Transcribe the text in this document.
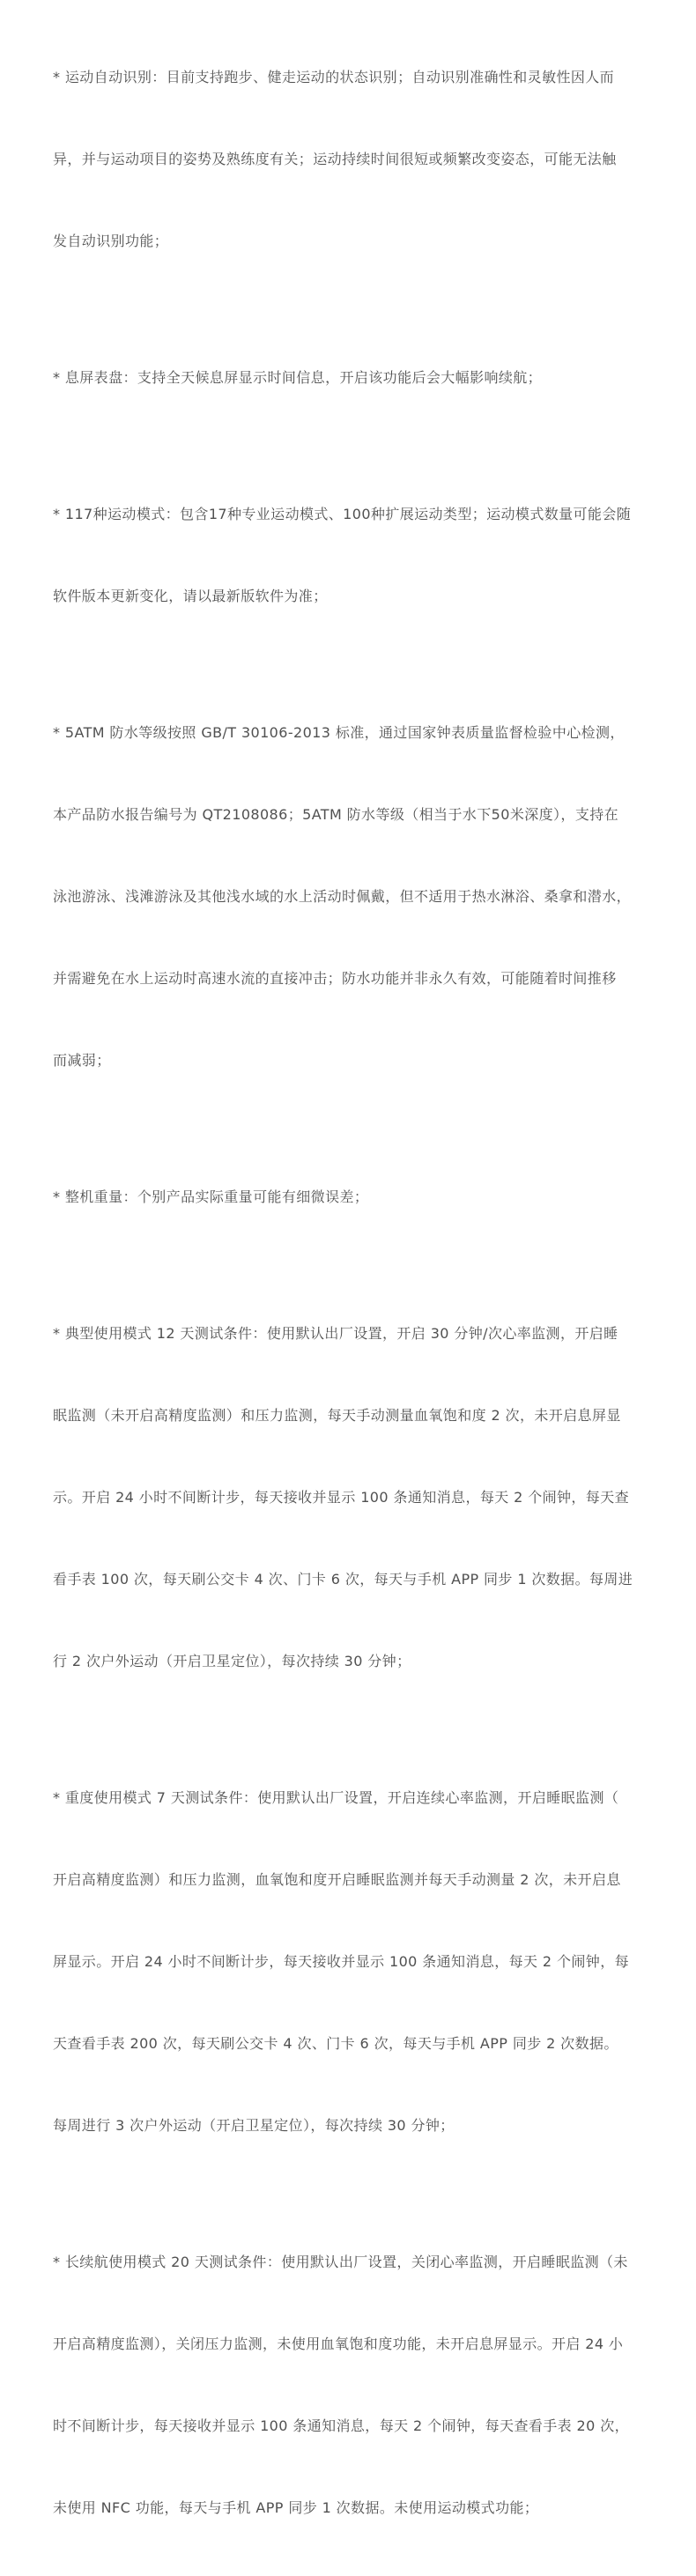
* 运动自动识别：目前支持跑步、健走运动的状态识别；自动识别准确性和灵敏性因人而

异，并与运动项目的姿势及熟练度有关；运动持续时间很短或频繁改变姿态，可能无法触

发自动识别功能；

* 息屏表盘：支持全天候息屏显示时间信息，开启该功能后会大幅影响续航；

* 117种运动模式：包含17种专业运动模式、100种扩展运动类型；运动模式数量可能会随

软件版本更新变化，请以最新版软件为准；

* 5ATM 防水等级按照 GB/T 30106-2013 标准，通过国家钟表质量监督检验中心检测，

本产品防水报告编号为 QT2108086；5ATM 防水等级（相当于水下50米深度），支持在

泳池游泳、浅滩游泳及其他浅水域的水上活动时佩戴，但不适用于热水淋浴、桑拿和潜水，

并需避免在水上运动时高速水流的直接冲击；防水功能并非永久有效，可能随着时间推移

而减弱；

* 整机重量：个别产品实际重量可能有细微误差；

* 典型使用模式 12 天测试条件：使用默认出厂设置，开启 30 分钟/次心率监测，开启睡

眠监测（未开启高精度监测）和压力监测，每天手动测量血氧饱和度 2 次，未开启息屏显

示。开启 24 小时不间断计步，每天接收并显示 100 条通知消息，每天 2 个闹钟，每天查

看手表 100 次，每天刷公交卡 4 次、门卡 6 次，每天与手机 APP 同步 1 次数据。每周进

行 2 次户外运动（开启卫星定位），每次持续 30 分钟；

* 重度使用模式 7 天测试条件：使用默认出厂设置，开启连续心率监测，开启睡眠监测（

开启高精度监测）和压力监测，血氧饱和度开启睡眠监测并每天手动测量 2 次，未开启息

屏显示。开启 24 小时不间断计步，每天接收并显示 100 条通知消息，每天 2 个闹钟，每

天查看手表 200 次，每天刷公交卡 4 次、门卡 6 次，每天与手机 APP 同步 2 次数据。

每周进行 3 次户外运动（开启卫星定位），每次持续 30 分钟；

* 长续航使用模式 20 天测试条件：使用默认出厂设置，关闭心率监测，开启睡眠监测（未

开启高精度监测），关闭压力监测，未使用血氧饱和度功能，未开启息屏显示。开启 24 小

时不间断计步，每天接收并显示 100 条通知消息，每天 2 个闹钟，每天查看手表 20 次，

未使用 NFC 功能，每天与手机 APP 同步 1 次数据。未使用运动模式功能；
